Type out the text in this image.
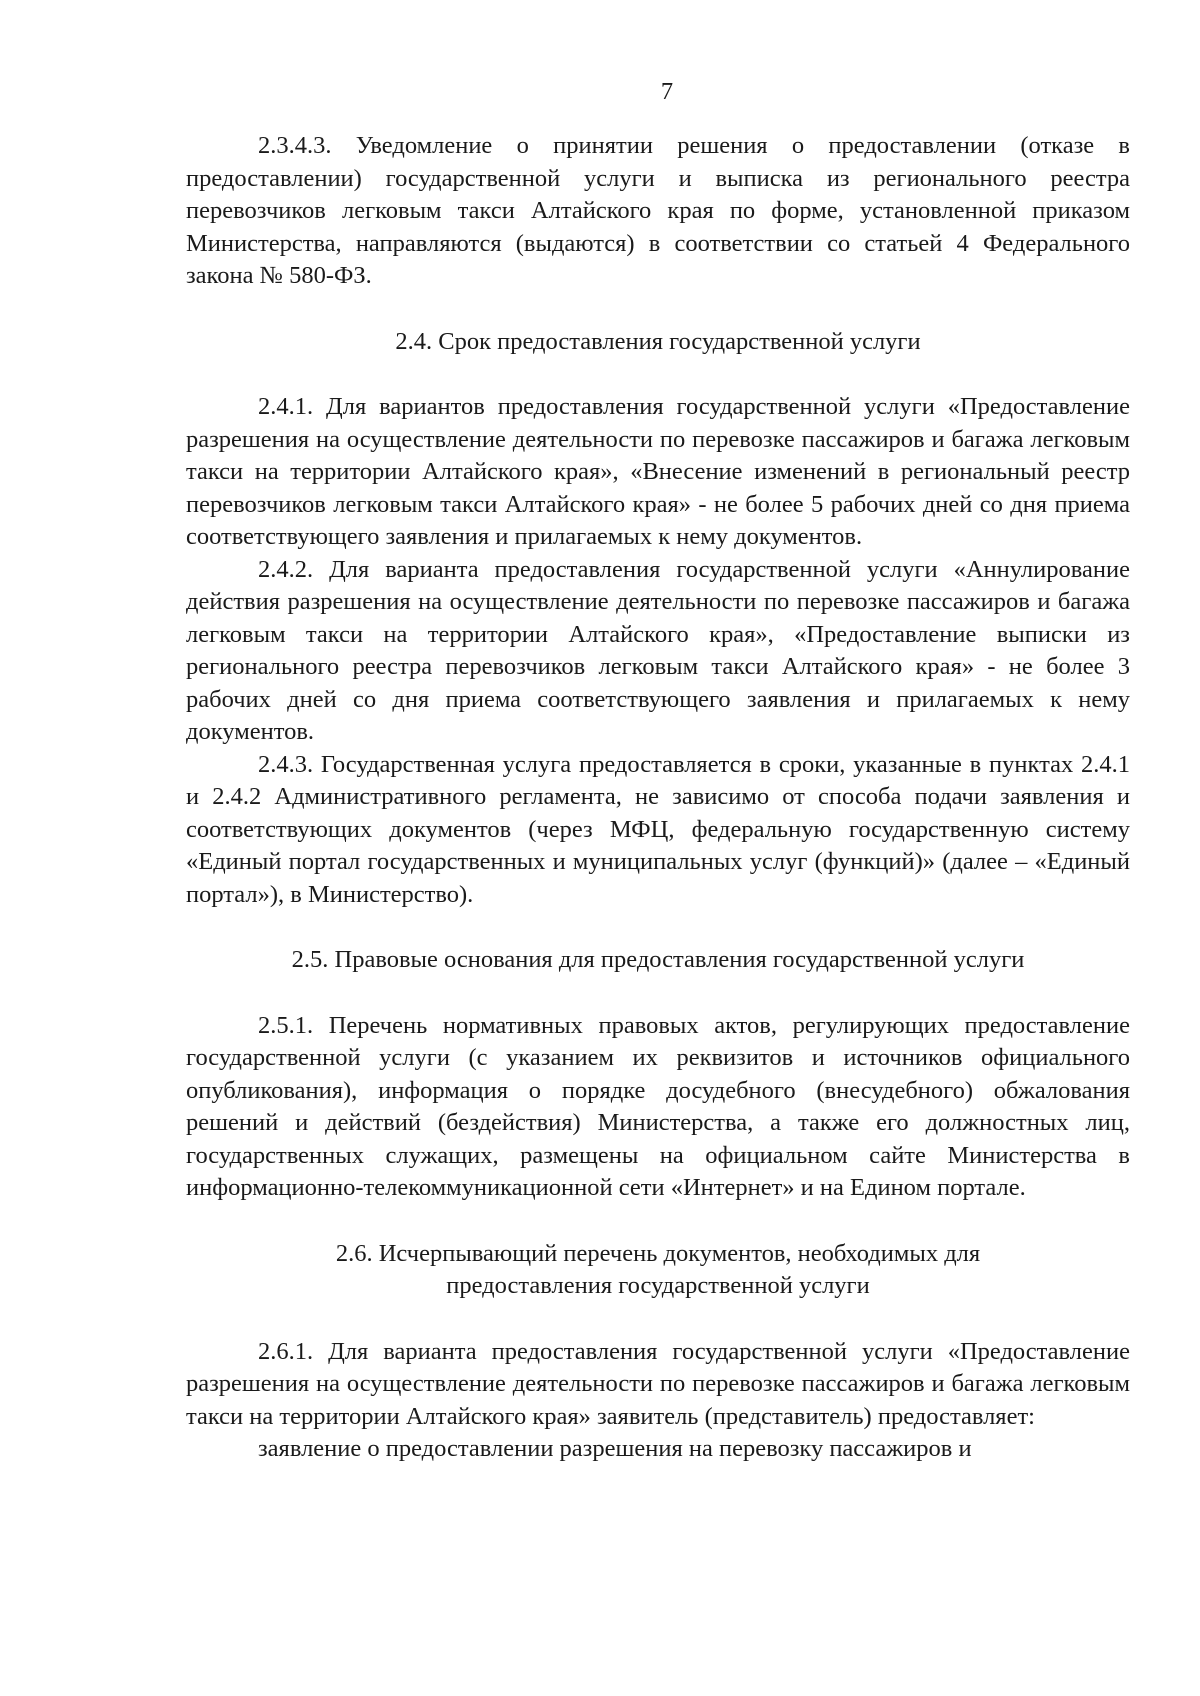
7

2.3.4.3. Уведомление о принятии решения о предоставлении (отказе в предоставлении) государственной услуги и выписка из регионального реестра перевозчиков легковым такси Алтайского края по форме, установленной приказом Министерства, направляются (выдаются) в соответствии со статьей 4 Федерального закона № 580-ФЗ.

2.4. Срок предоставления государственной услуги

2.4.1. Для вариантов предоставления государственной услуги «Предоставление разрешения на осуществление деятельности по перевозке пассажиров и багажа легковым такси на территории Алтайского края», «Внесение изменений в региональный реестр перевозчиков легковым такси Алтайского края» - не более 5 рабочих дней со дня приема соответствующего заявления и прилагаемых к нему документов.

2.4.2. Для варианта предоставления государственной услуги «Аннулирование действия разрешения на осуществление деятельности по перевозке пассажиров и багажа легковым такси на территории Алтайского края», «Предоставление выписки из регионального реестра перевозчиков легковым такси Алтайского края» - не более 3 рабочих дней со дня приема соответствующего заявления и прилагаемых к нему документов.

2.4.3. Государственная услуга предоставляется в сроки, указанные в пунктах 2.4.1 и 2.4.2 Административного регламента, не зависимо от способа подачи заявления и соответствующих документов (через МФЦ, федеральную государственную систему «Единый портал государственных и муниципальных услуг (функций)» (далее – «Единый портал»), в Министерство).

2.5. Правовые основания для предоставления государственной услуги

2.5.1. Перечень нормативных правовых актов, регулирующих предоставление государственной услуги (с указанием их реквизитов и источников официального опубликования), информация о порядке досудебного (внесудебного) обжалования решений и действий (бездействия) Министерства, а также его должностных лиц, государственных служащих, размещены на официальном сайте Министерства в информационно-телекоммуникационной сети «Интернет» и на Едином портале.

2.6. Исчерпывающий перечень документов, необходимых для

предоставления государственной услуги

2.6.1. Для варианта предоставления государственной услуги «Предоставление разрешения на осуществление деятельности по перевозке пассажиров и багажа легковым такси на территории Алтайского края» заявитель (представитель) предоставляет:

заявление о предоставлении разрешения на перевозку пассажиров и
